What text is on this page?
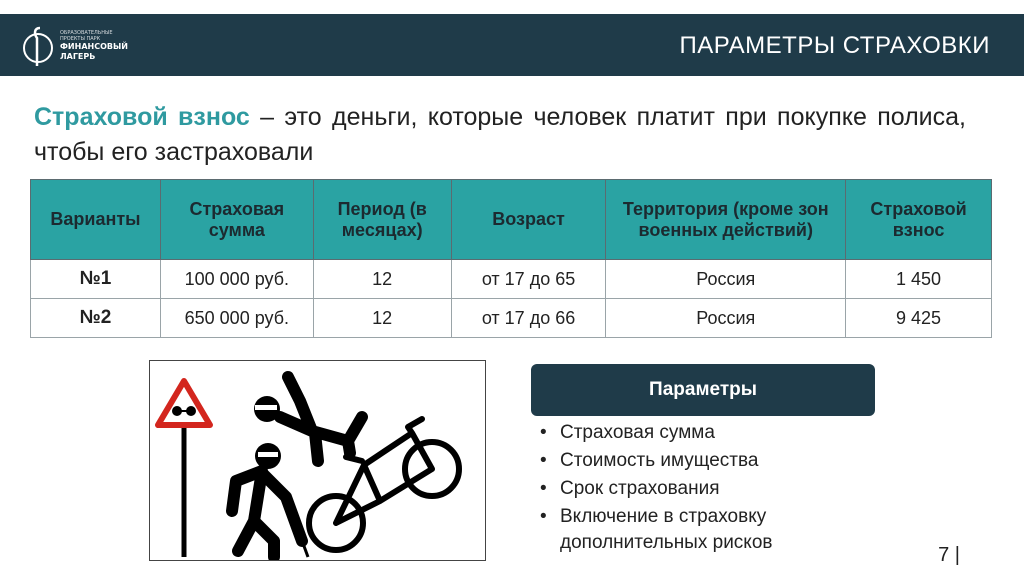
ОБРАЗОВАТЕЛЬНЫЕ
ПРОЕКТЫ ПАРК
ФИНАНСОВЫЙ
ЛАГЕРЬ	ПАРАМЕТРЫ СТРАХОВКИ
Страховой взнос – это деньги, которые человек платит при покупке полиса, чтобы его застраховали
Варианты	Страховая сумма	Период (в месяцах)	Возраст	Территория (кроме зон военных действий)	Страховой взнос
№1	100 000 руб.	12	от 17 до 65	Россия	1 450
№2	650 000 руб.	12	от 17 до 66	Россия	9 425
Параметры
• Страховая сумма
• Стоимость имущества
• Срок страхования
• Включение в страховку дополнительных рисков
7 |
